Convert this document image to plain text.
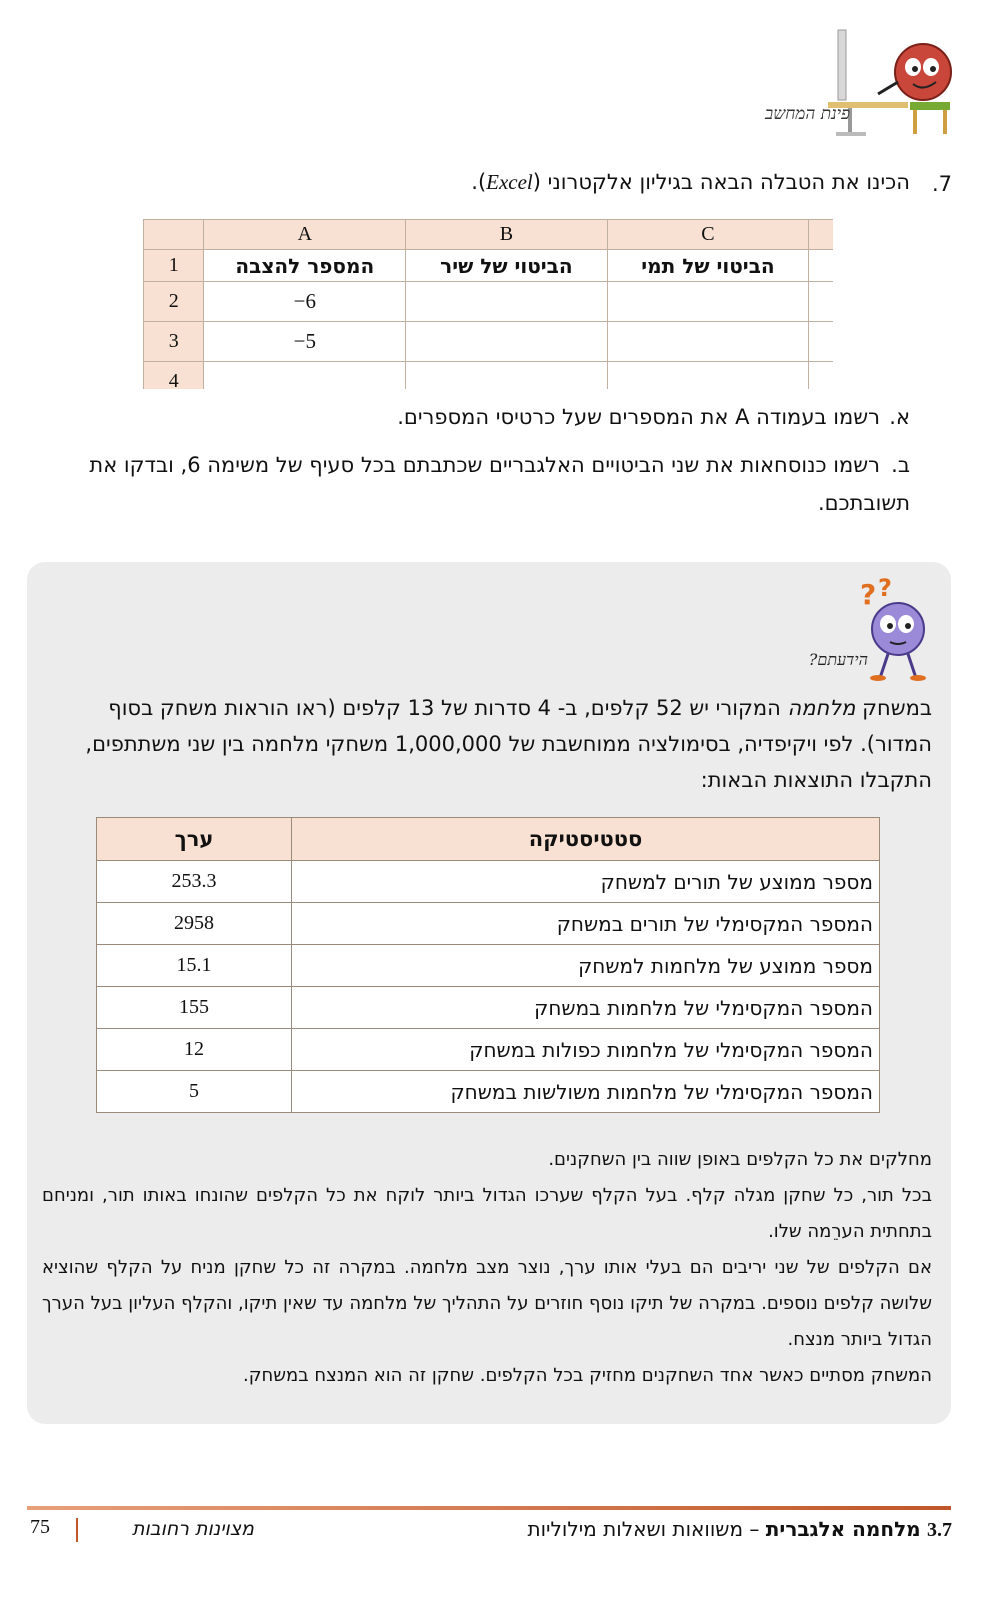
פינת המחשב
.7
הכינו את הטבלה הבאה בגיליון אלקטרוני (Excel).
	A	B	C	
1	המספר להצבה	הביטוי של שיר	הביטוי של תמי	
2	6−			
3	5−			
4				
א.רשמו בעמודה A את המספרים שעל כרטיסי המספרים.
ב.רשמו כנוסחאות את שני הביטויים האלגבריים שכתבתם בכל סעיף של משימה 6, ובדקו את תשובתכם.
? ?
הידעתם?
במשחק מלחמה המקורי יש 52 קלפים, ב- 4 סדרות של 13 קלפים (ראו הוראות משחק בסוף המדור). לפי ויקיפדיה, בסימולציה ממוחשבת של 1,000,000 משחקי מלחמה בין שני משתתפים, התקבלו התוצאות הבאות:
סטטיסטיקה	ערך
מספר ממוצע של תורים למשחק	253.3
המספר המקסימלי של תורים במשחק	2958
מספר ממוצע של מלחמות למשחק	15.1
המספר המקסימלי של מלחמות במשחק	155
המספר המקסימלי של מלחמות כפולות במשחק	12
המספר המקסימלי של מלחמות משולשות במשחק	5

מחלקים את כל הקלפים באופן שווה בין השחקנים.

בכל תור, כל שחקן מגלה קלף. בעל הקלף שערכו הגדול ביותר לוקח את כל הקלפים שהונחו באותו תור, ומניחם בתחתית הערֵמה שלו.

אם הקלפים של שני יריבים הם בעלי אותו ערך, נוצר מצב מלחמה. במקרה זה כל שחקן מניח על הקלף שהוציא שלושה קלפים נוספים. במקרה של תיקו נוסף חוזרים על התהליך של מלחמה עד שאין תיקו, והקלף העליון בעל הערך הגדול ביותר מנצח.

המשחק מסתיים כאשר אחד השחקנים מחזיק בכל הקלפים. שחקן זה הוא המנצח במשחק.

3.7 מלחמה אלגברית – משוואות ושאלות מילוליות
מצוינות רחובות
75
